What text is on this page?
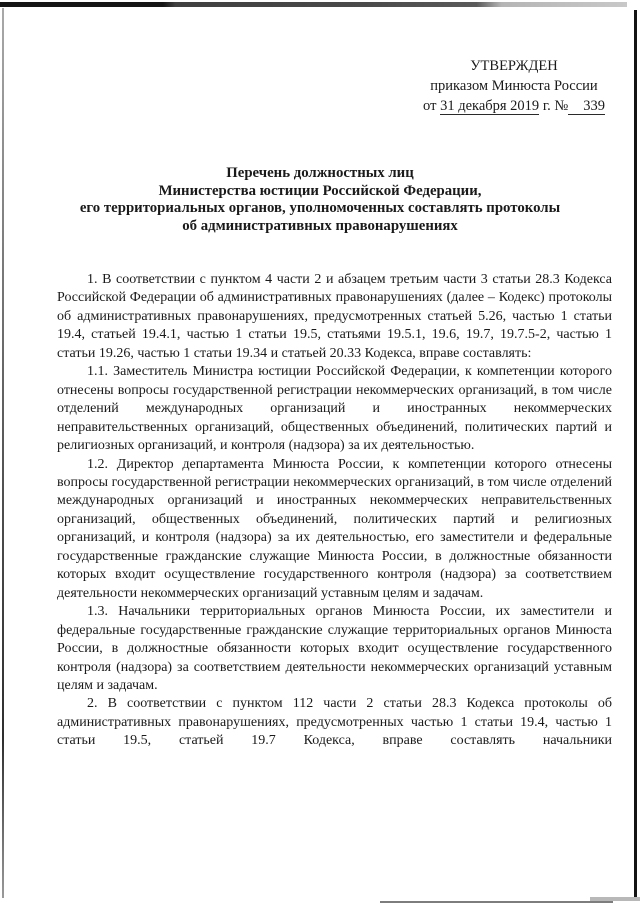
УТВЕРЖДЕН
приказом Минюста России
от 31 декабря 2019 г. № 339
Перечень должностных лиц
Министерства юстиции Российской Федерации,
его территориальных органов, уполномоченных составлять протоколы
об административных правонарушениях

1. В соответствии с пунктом 4 части 2 и абзацем третьим части 3 статьи 28.3 Кодекса Российской Федерации об административных правонарушениях (далее – Кодекс) протоколы об административных правонарушениях, предусмотренных статьей 5.26, частью 1 статьи 19.4, статьей 19.4.1, частью 1 статьи 19.5, статьями 19.5.1, 19.6, 19.7, 19.7.5-2, частью 1 статьи 19.26, частью 1 статьи 19.34 и статьей 20.33 Кодекса, вправе составлять:

1.1. Заместитель Министра юстиции Российской Федерации, к компетенции которого отнесены вопросы государственной регистрации некоммерческих организаций, в том числе отделений международных организаций и иностранных некоммерческих неправительственных организаций, общественных объединений, политических партий и религиозных организаций, и контроля (надзора) за их деятельностью.

1.2. Директор департамента Минюста России, к компетенции которого отнесены вопросы государственной регистрации некоммерческих организаций, в том числе отделений международных организаций и иностранных некоммерческих неправительственных организаций, общественных объединений, политических партий и религиозных организаций, и контроля (надзора) за их деятельностью, его заместители и федеральные государственные гражданские служащие Минюста России, в должностные обязанности которых входит осуществление государственного контроля (надзора) за соответствием деятельности некоммерческих организаций уставным целям и задачам.

1.3. Начальники территориальных органов Минюста России, их заместители и федеральные государственные гражданские служащие территориальных органов Минюста России, в должностные обязанности которых входит осуществление государственного контроля (надзора) за соответствием деятельности некоммерческих организаций уставным целям и задачам.

2. В соответствии с пунктом 112 части 2 статьи 28.3 Кодекса протоколы об административных правонарушениях, предусмотренных частью 1 статьи 19.4, частью 1 статьи 19.5, статьей 19.7 Кодекса, вправе составлять начальники
